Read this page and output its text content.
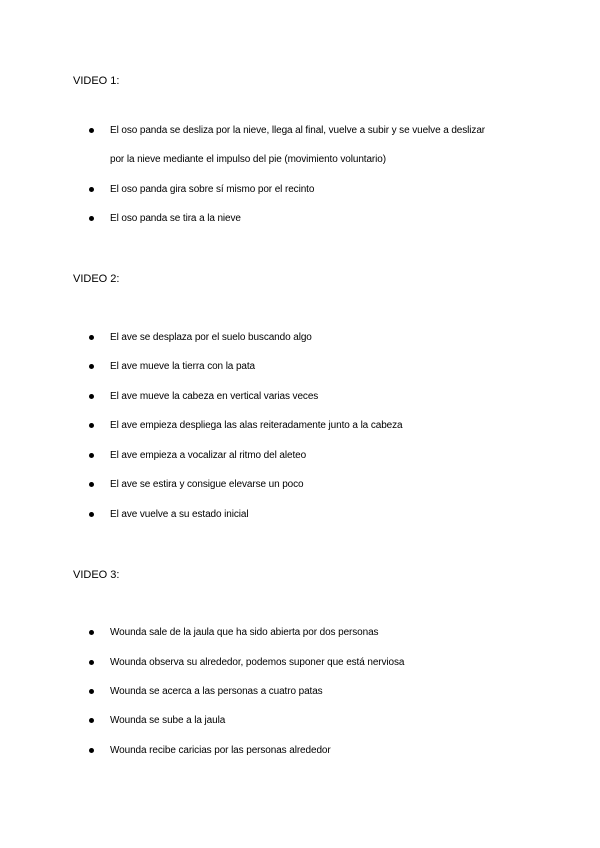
VIDEO 1:
El oso panda se desliza por la nieve, llega al final, vuelve a subir y se vuelve a deslizar
por la nieve mediante el impulso del pie (movimiento voluntario)
El oso panda gira sobre sí mismo por el recinto
El oso panda se tira a la nieve
VIDEO 2:
El ave se desplaza por el suelo buscando algo
El ave mueve la tierra con la pata
El ave mueve la cabeza en vertical varias veces
El ave empieza despliega las alas reiteradamente junto a la cabeza
El ave empieza a vocalizar al ritmo del aleteo
El ave se estira y consigue elevarse un poco
El ave vuelve a su estado inicial
VIDEO 3:
Wounda sale de la jaula que ha sido abierta por dos personas
Wounda observa su alrededor, podemos suponer que está nerviosa
Wounda se acerca a las personas a cuatro patas
Wounda se sube a la jaula
Wounda recibe caricias por las personas alrededor
